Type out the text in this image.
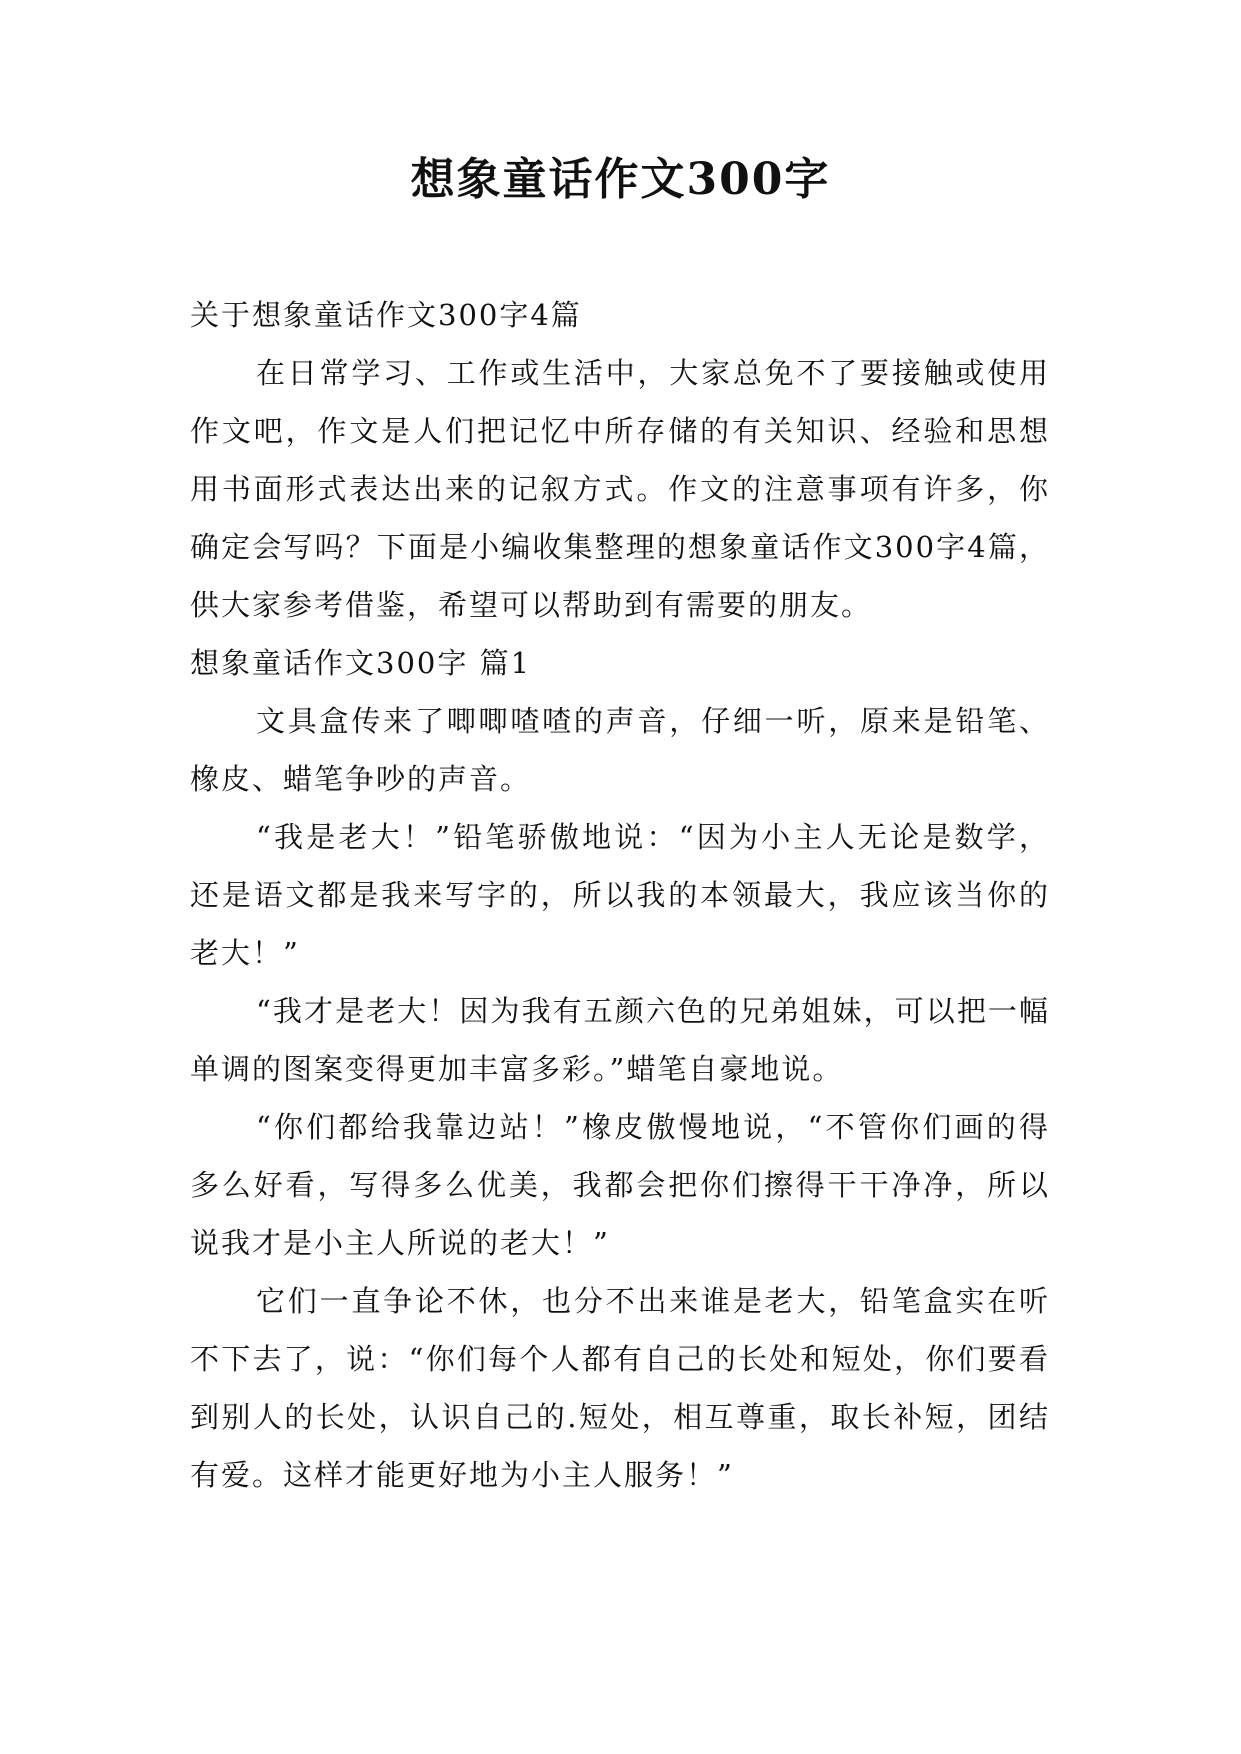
想象童话作文300字

关于想象童话作文300字4篇

在日常学习、工作或生活中，大家总免不了要接触或使用作文吧，作文是人们把记忆中所存储的有关知识、经验和思想用书面形式表达出来的记叙方式。作文的注意事项有许多，你确定会写吗？下面是小编收集整理的想象童话作文300字4篇，供大家参考借鉴，希望可以帮助到有需要的朋友。

想象童话作文300字 篇1

文具盒传来了唧唧喳喳的声音，仔细一听，原来是铅笔、橡皮、蜡笔争吵的声音。

“我是老大！”铅笔骄傲地说：“因为小主人无论是数学，还是语文都是我来写字的，所以我的本领最大，我应该当你的老大！”

“我才是老大！因为我有五颜六色的兄弟姐妹，可以把一幅单调的图案变得更加丰富多彩。”蜡笔自豪地说。

“你们都给我靠边站！”橡皮傲慢地说，“不管你们画的得多么好看，写得多么优美，我都会把你们擦得干干净净，所以说我才是小主人所说的老大！”

它们一直争论不休，也分不出来谁是老大，铅笔盒实在听不下去了，说：“你们每个人都有自己的长处和短处，你们要看到别人的长处，认识自己的.短处，相互尊重，取长补短，团结有爱。这样才能更好地为小主人服务！”
